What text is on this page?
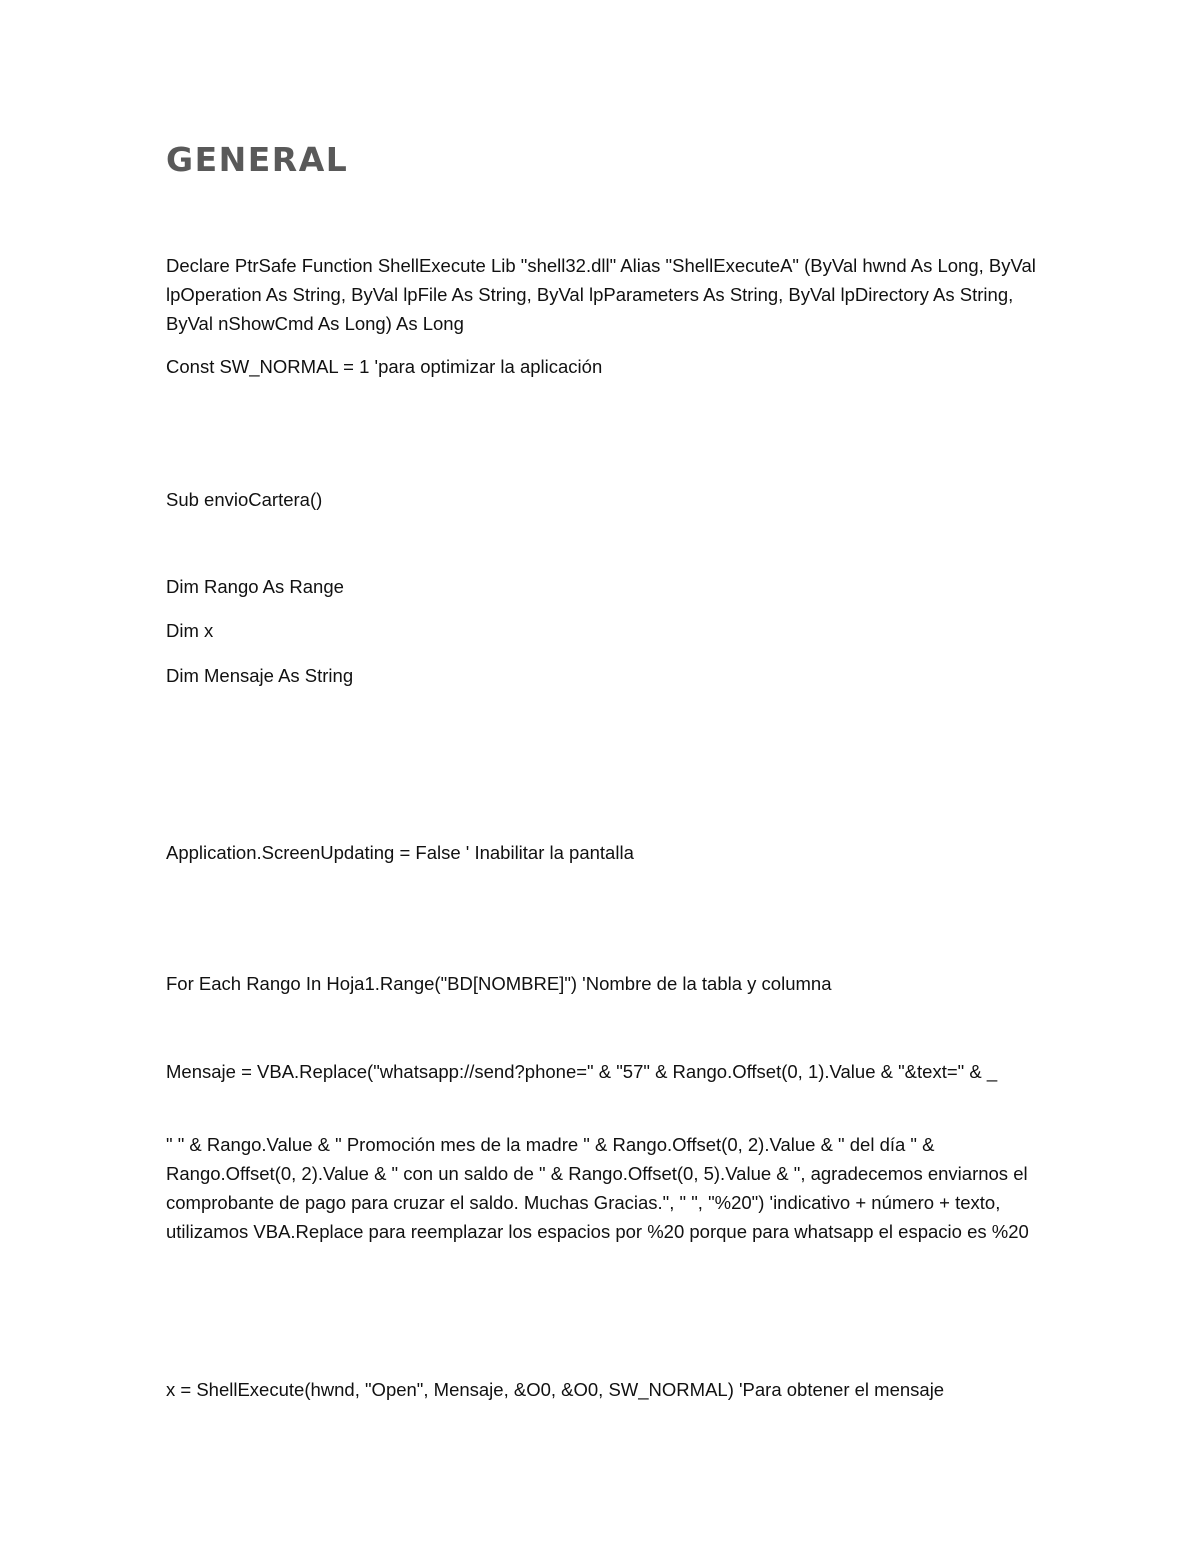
GENERAL

Declare PtrSafe Function ShellExecute Lib "shell32.dll" Alias "ShellExecuteA" (ByVal hwnd As Long, ByVal lpOperation As String, ByVal lpFile As String, ByVal lpParameters As String, ByVal lpDirectory As String, ByVal nShowCmd As Long) As Long

Const SW_NORMAL = 1 'para optimizar la aplicación

Sub envioCartera()

Dim Rango As Range

Dim x

Dim Mensaje As String

Application.ScreenUpdating = False ' Inabilitar la pantalla

For Each Rango In Hoja1.Range("BD[NOMBRE]") 'Nombre de la tabla y columna

Mensaje = VBA.Replace("whatsapp://send?phone=" & "57" & Rango.Offset(0, 1).Value & "&text=" & _

" " & Rango.Value & " Promoción mes de la madre " & Rango.Offset(0, 2).Value & " del día " & Rango.Offset(0, 2).Value & " con un saldo de " & Rango.Offset(0, 5).Value & ", agradecemos enviarnos el comprobante de pago para cruzar el saldo. Muchas Gracias.", " ", "%20") 'indicativo + número + texto, utilizamos VBA.Replace para reemplazar los espacios por %20 porque para whatsapp el espacio es %20

x = ShellExecute(hwnd, "Open", Mensaje, &O0, &O0, SW_NORMAL) 'Para obtener el mensaje
